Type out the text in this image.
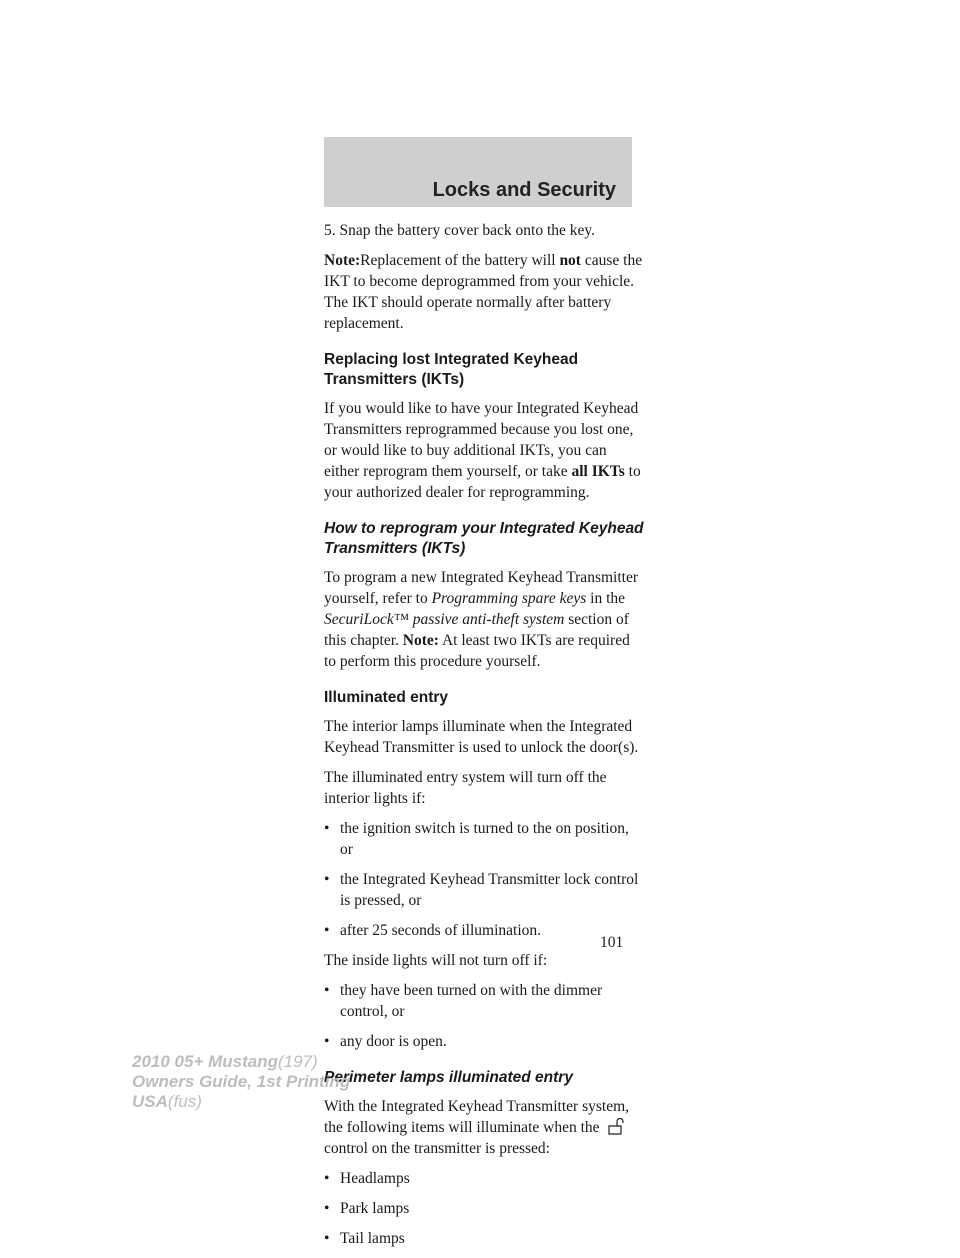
Locks and Security

5. Snap the battery cover back onto the key.

Note:Replacement of the battery will not cause the IKT to become deprogrammed from your vehicle. The IKT should operate normally after battery replacement.

Replacing lost Integrated Keyhead Transmitters (IKTs)

If you would like to have your Integrated Keyhead Transmitters reprogrammed because you lost one, or would like to buy additional IKTs, you can either reprogram them yourself, or take all IKTs to your authorized dealer for reprogramming.

How to reprogram your Integrated Keyhead Transmitters (IKTs)

To program a new Integrated Keyhead Transmitter yourself, refer to Programming spare keys in the SecuriLock™ passive anti-theft system section of this chapter. Note: At least two IKTs are required to perform this procedure yourself.

Illuminated entry

The interior lamps illuminate when the Integrated Keyhead Transmitter is used to unlock the door(s).

The illuminated entry system will turn off the interior lights if:

• the ignition switch is turned to the on position, or
• the Integrated Keyhead Transmitter lock control is pressed, or
• after 25 seconds of illumination.

The inside lights will not turn off if:

• they have been turned on with the dimmer control, or
• any door is open.
Perimeter lamps illuminated entry

With the Integrated Keyhead Transmitter system, the following items will illuminate when the  control on the transmitter is pressed:

• Headlamps
• Park lamps
• Tail lamps
101
2010 05+ Mustang(197)
Owners Guide, 1st Printing
USA(fus)
